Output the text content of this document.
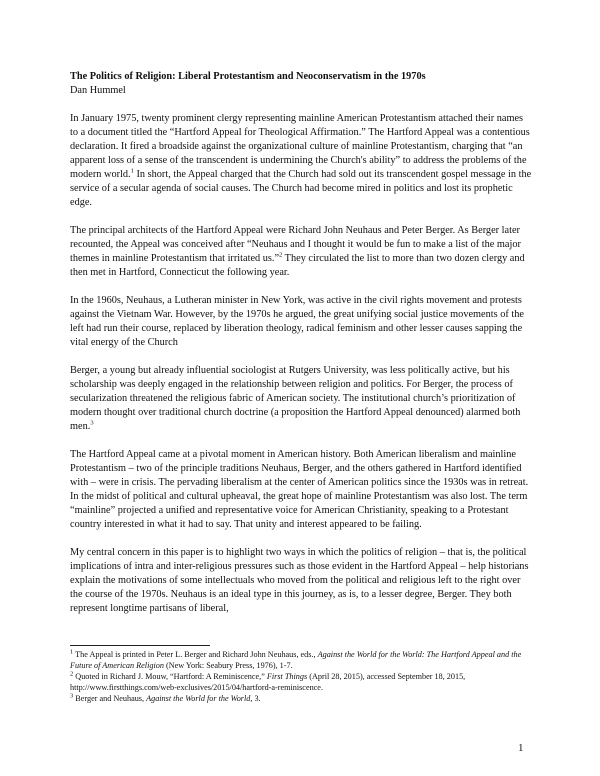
The Politics of Religion: Liberal Protestantism and Neoconservatism in the 1970s

Dan Hummel

In January 1975, twenty prominent clergy representing mainline American Protestantism attached their names to a document titled the “Hartford Appeal for Theological Affirmation.” The Hartford Appeal was a contentious declaration. It fired a broadside against the organizational culture of mainline Protestantism, charging that “an apparent loss of a sense of the transcendent is undermining the Church's ability” to address the problems of the modern world.$^1$ In short, the Appeal charged that the Church had sold out its transcendent gospel message in the service of a secular agenda of social causes. The Church had become mired in politics and lost its prophetic edge.

The principal architects of the Hartford Appeal were Richard John Neuhaus and Peter Berger. As Berger later recounted, the Appeal was conceived after “Neuhaus and I thought it would be fun to make a list of the major themes in mainline Protestantism that irritated us.”$^2$ They circulated the list to more than two dozen clergy and then met in Hartford, Connecticut the following year.

In the 1960s, Neuhaus, a Lutheran minister in New York, was active in the civil rights movement and protests against the Vietnam War. However, by the 1970s he argued, the great unifying social justice movements of the left had run their course, replaced by liberation theology, radical feminism and other lesser causes sapping the vital energy of the Church

Berger, a young but already influential sociologist at Rutgers University, was less politically active, but his scholarship was deeply engaged in the relationship between religion and politics. For Berger, the process of secularization threatened the religious fabric of American society. The institutional church’s prioritization of modern thought over traditional church doctrine (a proposition the Hartford Appeal denounced) alarmed both men.$^3$

The Hartford Appeal came at a pivotal moment in American history. Both American liberalism and mainline Protestantism – two of the principle traditions Neuhaus, Berger, and the others gathered in Hartford identified with – were in crisis. The pervading liberalism at the center of American politics since the 1930s was in retreat. In the midst of political and cultural upheaval, the great hope of mainline Protestantism was also lost. The term “mainline” projected a unified and representative voice for American Christianity, speaking to a Protestant country interested in what it had to say. That unity and interest appeared to be failing.

My central concern in this paper is to highlight two ways in which the politics of religion – that is, the political implications of intra and inter-religious pressures such as those evident in the Hartford Appeal – help historians explain the motivations of some intellectuals who moved from the political and religious left to the right over the course of the 1970s. Neuhaus is an ideal type in this journey, as is, to a lesser degree, Berger. They both represent longtime partisans of liberal,

$^1$ The Appeal is printed in Peter L. Berger and Richard John Neuhaus, eds., Against the World for the World: The Hartford Appeal and the Future of American Religion (New York: Seabury Press, 1976), 1-7.

$^2$ Quoted in Richard J. Mouw, “Hartford: A Reminiscence,” First Things (April 28, 2015), accessed September 18, 2015, http://www.firstthings.com/web-exclusives/2015/04/hartford-a-reminiscence.

$^3$ Berger and Neuhaus, Against the World for the World, 3.

1
